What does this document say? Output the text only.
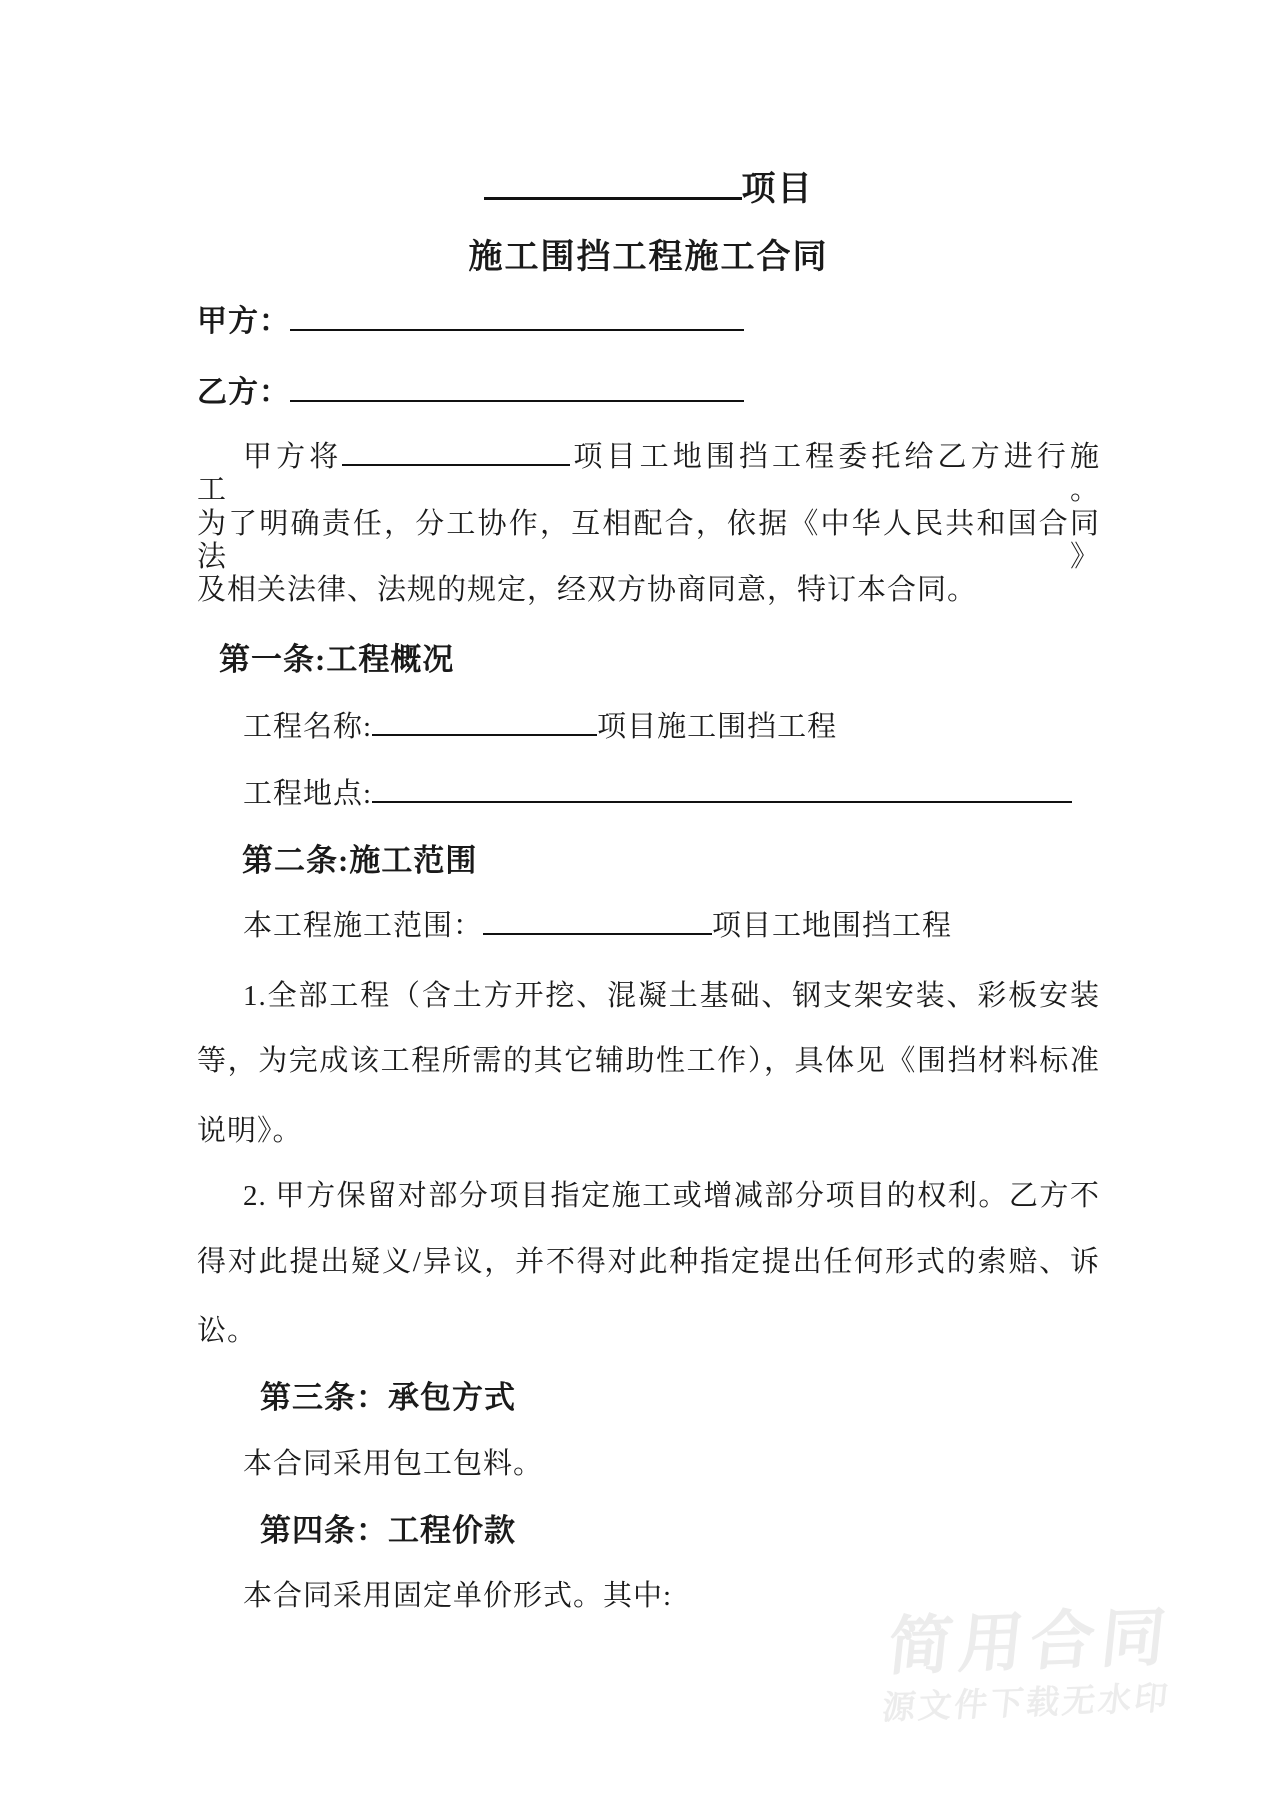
项目
施工围挡工程施工合同
甲方：
乙方：
甲方将	项目工地围挡工程委托给乙方进行施工。
为了明确责任，分工协作，互相配合，依据《中华人民共和国合同法》
及相关法律、法规的规定，经双方协商同意，特订本合同。
第一条:工程概况
工程名称:	项目施工围挡工程
工程地点:
第二条:施工范围
本工程施工范围：	项目工地围挡工程
1.全部工程（含土方开挖、混凝土基础、钢支架安装、彩板安装
等，为完成该工程所需的其它辅助性工作），具体见《围挡材料标准
说明》。
2. 甲方保留对部分项目指定施工或增减部分项目的权利。乙方不
得对此提出疑义/异议，并不得对此种指定提出任何形式的索赔、诉
讼。
第三条：承包方式
本合同采用包工包料。
第四条：工程价款
本合同采用固定单价形式。其中:
简用合同
源文件下载无水印
